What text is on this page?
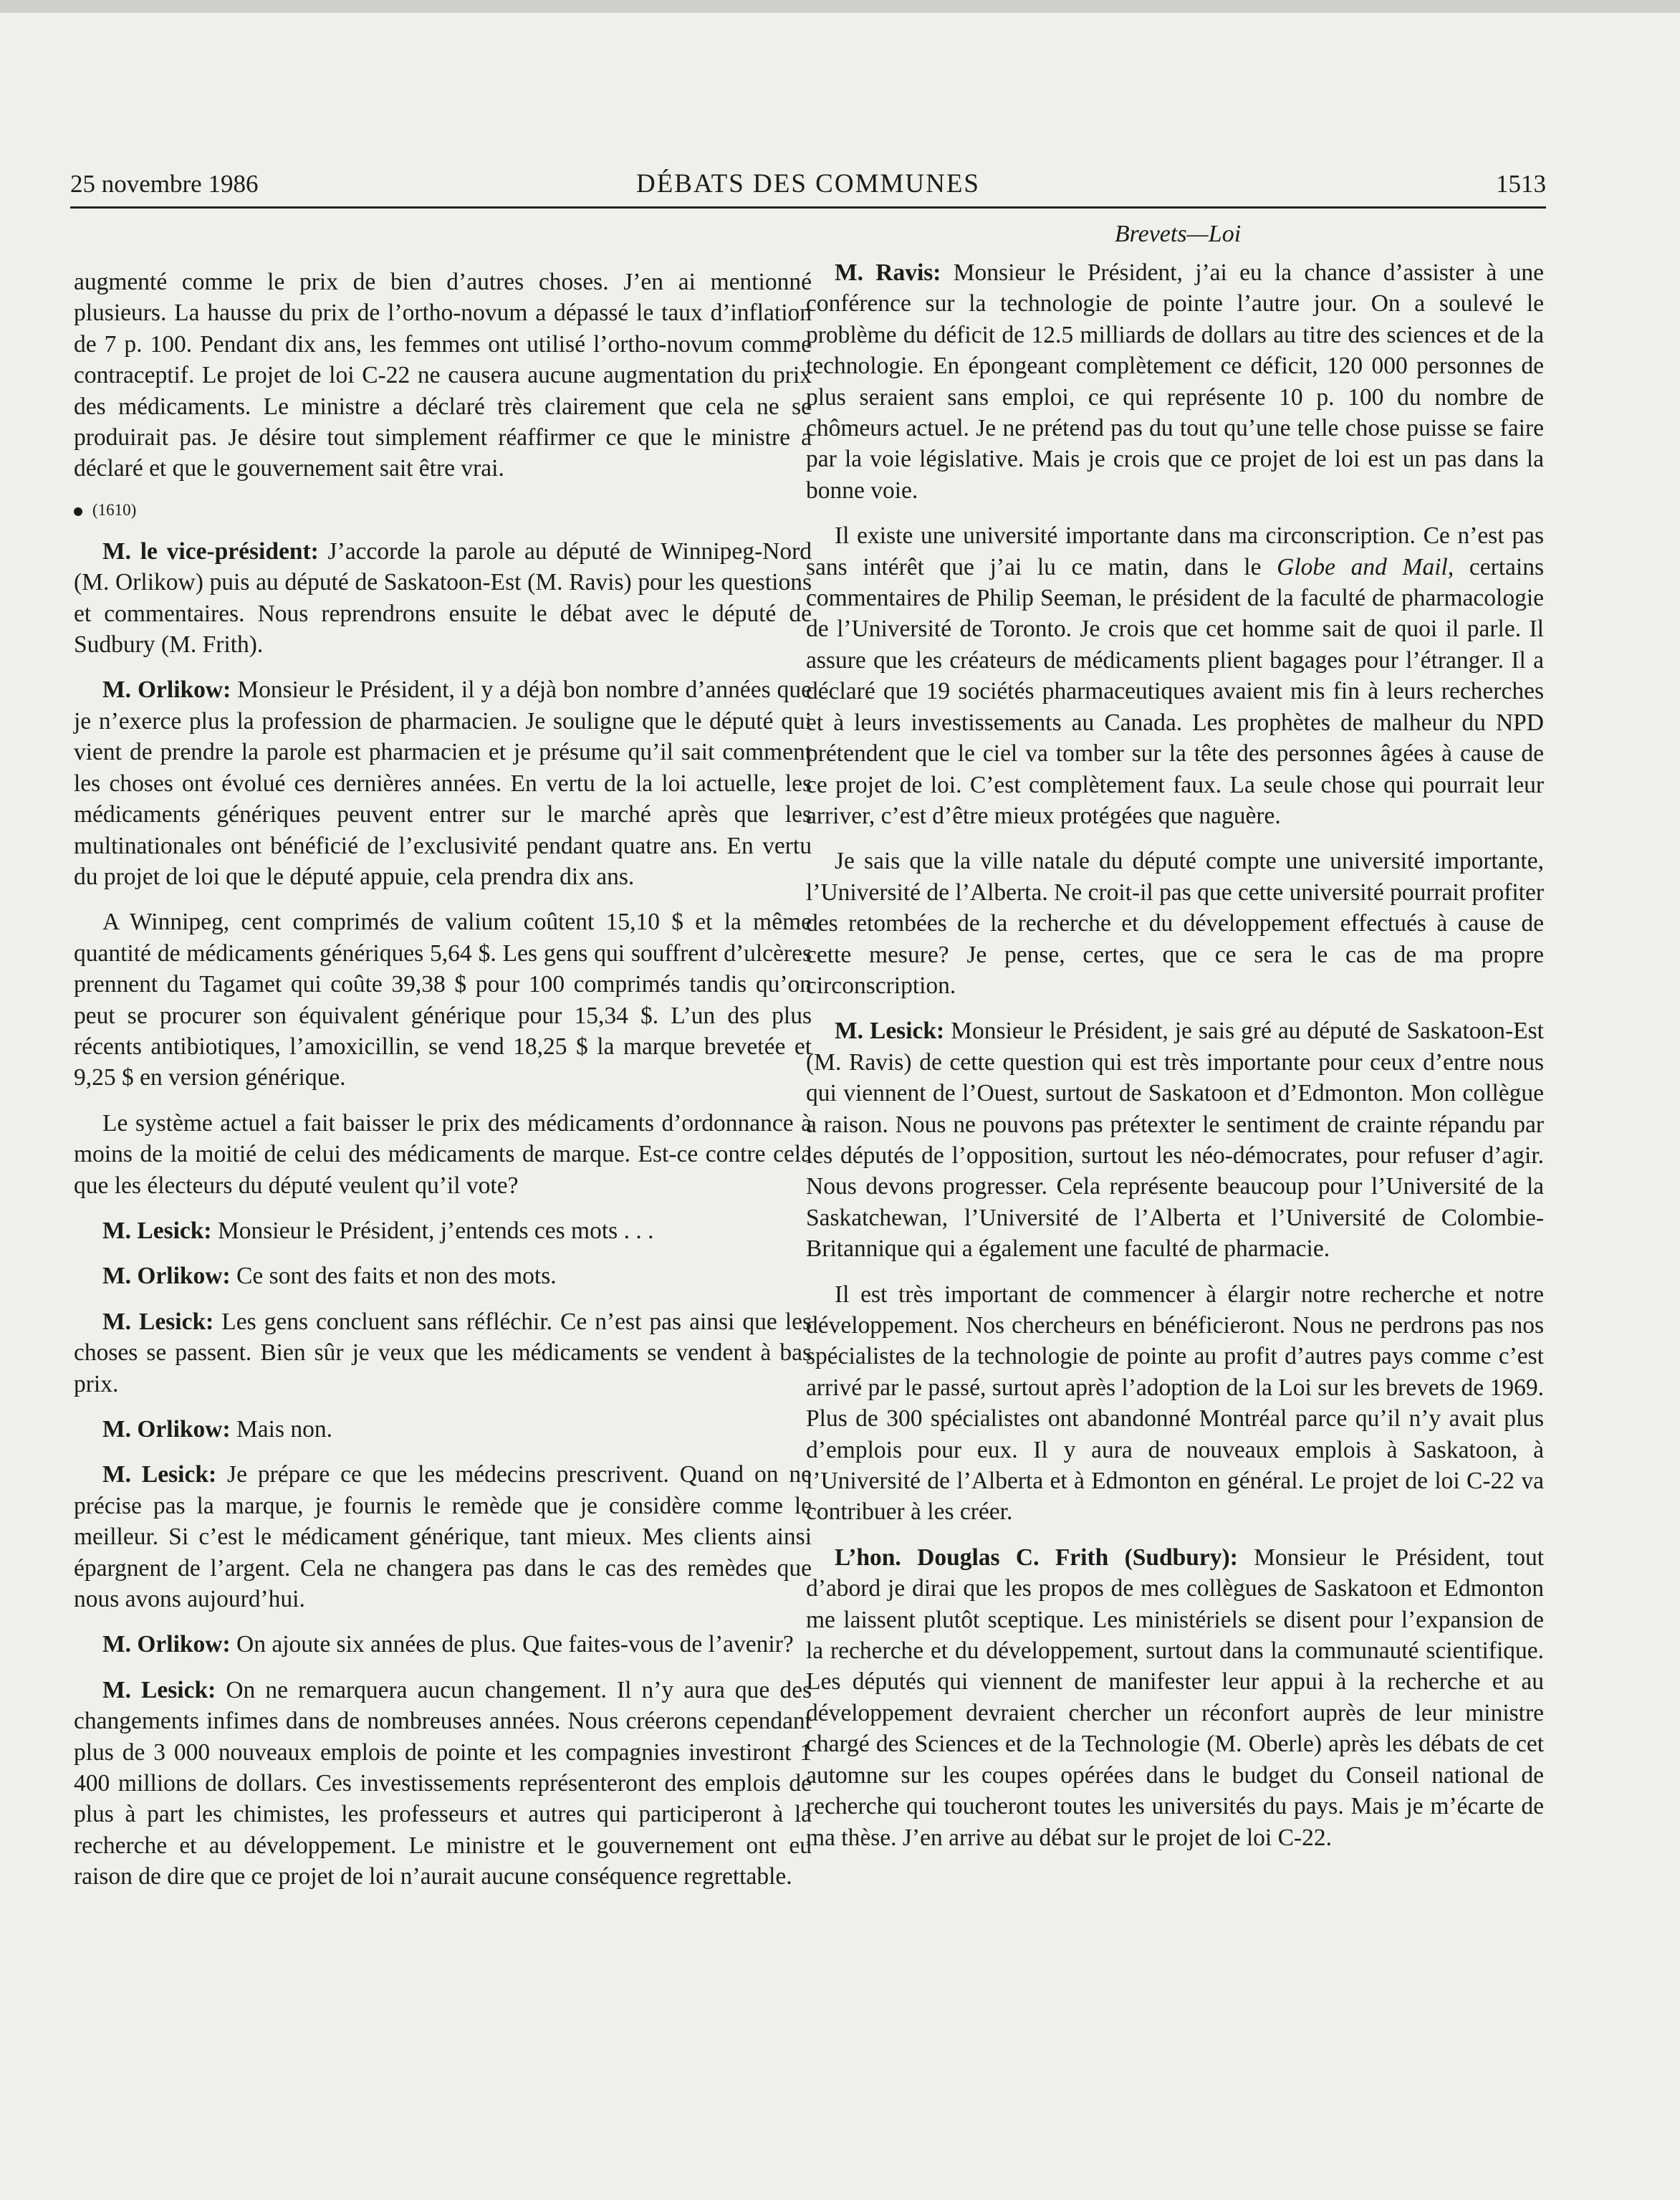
25 novembre 1986	DÉBATS DES COMMUNES	1513
Brevets—Loi

augmenté comme le prix de bien d’autres choses. J’en ai mentionné plusieurs. La hausse du prix de l’ortho-novum a dépassé le taux d’inflation de 7 p. 100. Pendant dix ans, les femmes ont utilisé l’ortho-novum comme contraceptif. Le projet de loi C-22 ne causera aucune augmentation du prix des médicaments. Le ministre a déclaré très clairement que cela ne se produirait pas. Je désire tout simplement réaffirmer ce que le ministre a déclaré et que le gouvernement sait être vrai.

(1610)

M. le vice-président: J’accorde la parole au député de Winnipeg-Nord (M. Orlikow) puis au député de Saskatoon-Est (M. Ravis) pour les questions et commentaires. Nous reprendrons ensuite le débat avec le député de Sudbury (M. Frith).

M. Orlikow: Monsieur le Président, il y a déjà bon nombre d’années que je n’exerce plus la profession de pharmacien. Je souligne que le député qui vient de prendre la parole est pharmacien et je présume qu’il sait comment les choses ont évolué ces dernières années. En vertu de la loi actuelle, les médicaments génériques peuvent entrer sur le marché après que les multinationales ont bénéficié de l’exclusivité pendant quatre ans. En vertu du projet de loi que le député appuie, cela prendra dix ans.

A Winnipeg, cent comprimés de valium coûtent 15,10 $ et la même quantité de médicaments génériques 5,64 $. Les gens qui souffrent d’ulcères prennent du Tagamet qui coûte 39,38 $ pour 100 comprimés tandis qu’on peut se procurer son équivalent générique pour 15,34 $. L’un des plus récents antibiotiques, l’amoxicillin, se vend 18,25 $ la marque brevetée et 9,25 $ en version générique.

Le système actuel a fait baisser le prix des médicaments d’ordonnance à moins de la moitié de celui des médicaments de marque. Est-ce contre cela que les électeurs du député veulent qu’il vote?

M. Lesick: Monsieur le Président, j’entends ces mots . . .

M. Orlikow: Ce sont des faits et non des mots.

M. Lesick: Les gens concluent sans réfléchir. Ce n’est pas ainsi que les choses se passent. Bien sûr je veux que les médicaments se vendent à bas prix.

M. Orlikow: Mais non.

M. Lesick: Je prépare ce que les médecins prescrivent. Quand on ne précise pas la marque, je fournis le remède que je considère comme le meilleur. Si c’est le médicament générique, tant mieux. Mes clients ainsi épargnent de l’argent. Cela ne changera pas dans le cas des remèdes que nous avons aujourd’hui.

M. Orlikow: On ajoute six années de plus. Que faites-vous de l’avenir?

M. Lesick: On ne remarquera aucun changement. Il n’y aura que des changements infimes dans de nombreuses années. Nous créerons cependant plus de 3 000 nouveaux emplois de pointe et les compagnies investiront 1 400 millions de dollars. Ces investissements représenteront des emplois de plus à part les chimistes, les professeurs et autres qui participeront à la recherche et au développement. Le ministre et le gouvernement ont eu raison de dire que ce projet de loi n’aurait aucune conséquence regrettable.

M. Ravis: Monsieur le Président, j’ai eu la chance d’assister à une conférence sur la technologie de pointe l’autre jour. On a soulevé le problème du déficit de 12.5 milliards de dollars au titre des sciences et de la technologie. En épongeant complètement ce déficit, 120 000 personnes de plus seraient sans emploi, ce qui représente 10 p. 100 du nombre de chômeurs actuel. Je ne prétend pas du tout qu’une telle chose puisse se faire par la voie législative. Mais je crois que ce projet de loi est un pas dans la bonne voie.

Il existe une université importante dans ma circonscription. Ce n’est pas sans intérêt que j’ai lu ce matin, dans le Globe and Mail, certains commentaires de Philip Seeman, le président de la faculté de pharmacologie de l’Université de Toronto. Je crois que cet homme sait de quoi il parle. Il assure que les créateurs de médicaments plient bagages pour l’étranger. Il a déclaré que 19 sociétés pharmaceutiques avaient mis fin à leurs recherches et à leurs investissements au Canada. Les prophètes de malheur du NPD prétendent que le ciel va tomber sur la tête des personnes âgées à cause de ce projet de loi. C’est complètement faux. La seule chose qui pourrait leur arriver, c’est d’être mieux protégées que naguère.

Je sais que la ville natale du député compte une université importante, l’Université de l’Alberta. Ne croit-il pas que cette université pourrait profiter des retombées de la recherche et du développement effectués à cause de cette mesure? Je pense, certes, que ce sera le cas de ma propre circonscription.

M. Lesick: Monsieur le Président, je sais gré au député de Saskatoon-Est (M. Ravis) de cette question qui est très importante pour ceux d’entre nous qui viennent de l’Ouest, surtout de Saskatoon et d’Edmonton. Mon collègue a raison. Nous ne pouvons pas prétexter le sentiment de crainte répandu par les députés de l’opposition, surtout les néo-démocrates, pour refuser d’agir. Nous devons progresser. Cela représente beaucoup pour l’Université de la Saskatchewan, l’Université de l’Alberta et l’Université de Colombie-Britannique qui a également une faculté de pharmacie.

Il est très important de commencer à élargir notre recherche et notre développement. Nos chercheurs en bénéficieront. Nous ne perdrons pas nos spécialistes de la technologie de pointe au profit d’autres pays comme c’est arrivé par le passé, surtout après l’adoption de la Loi sur les brevets de 1969. Plus de 300 spécialistes ont abandonné Montréal parce qu’il n’y avait plus d’emplois pour eux. Il y aura de nouveaux emplois à Saskatoon, à l’Université de l’Alberta et à Edmonton en général. Le projet de loi C-22 va contribuer à les créer.

L’hon. Douglas C. Frith (Sudbury): Monsieur le Président, tout d’abord je dirai que les propos de mes collègues de Saskatoon et Edmonton me laissent plutôt sceptique. Les ministériels se disent pour l’expansion de la recherche et du développement, surtout dans la communauté scientifique. Les députés qui viennent de manifester leur appui à la recherche et au développement devraient chercher un réconfort auprès de leur ministre chargé des Sciences et de la Technologie (M. Oberle) après les débats de cet automne sur les coupes opérées dans le budget du Conseil national de recherche qui toucheront toutes les universités du pays. Mais je m’écarte de ma thèse. J’en arrive au débat sur le projet de loi C-22.
